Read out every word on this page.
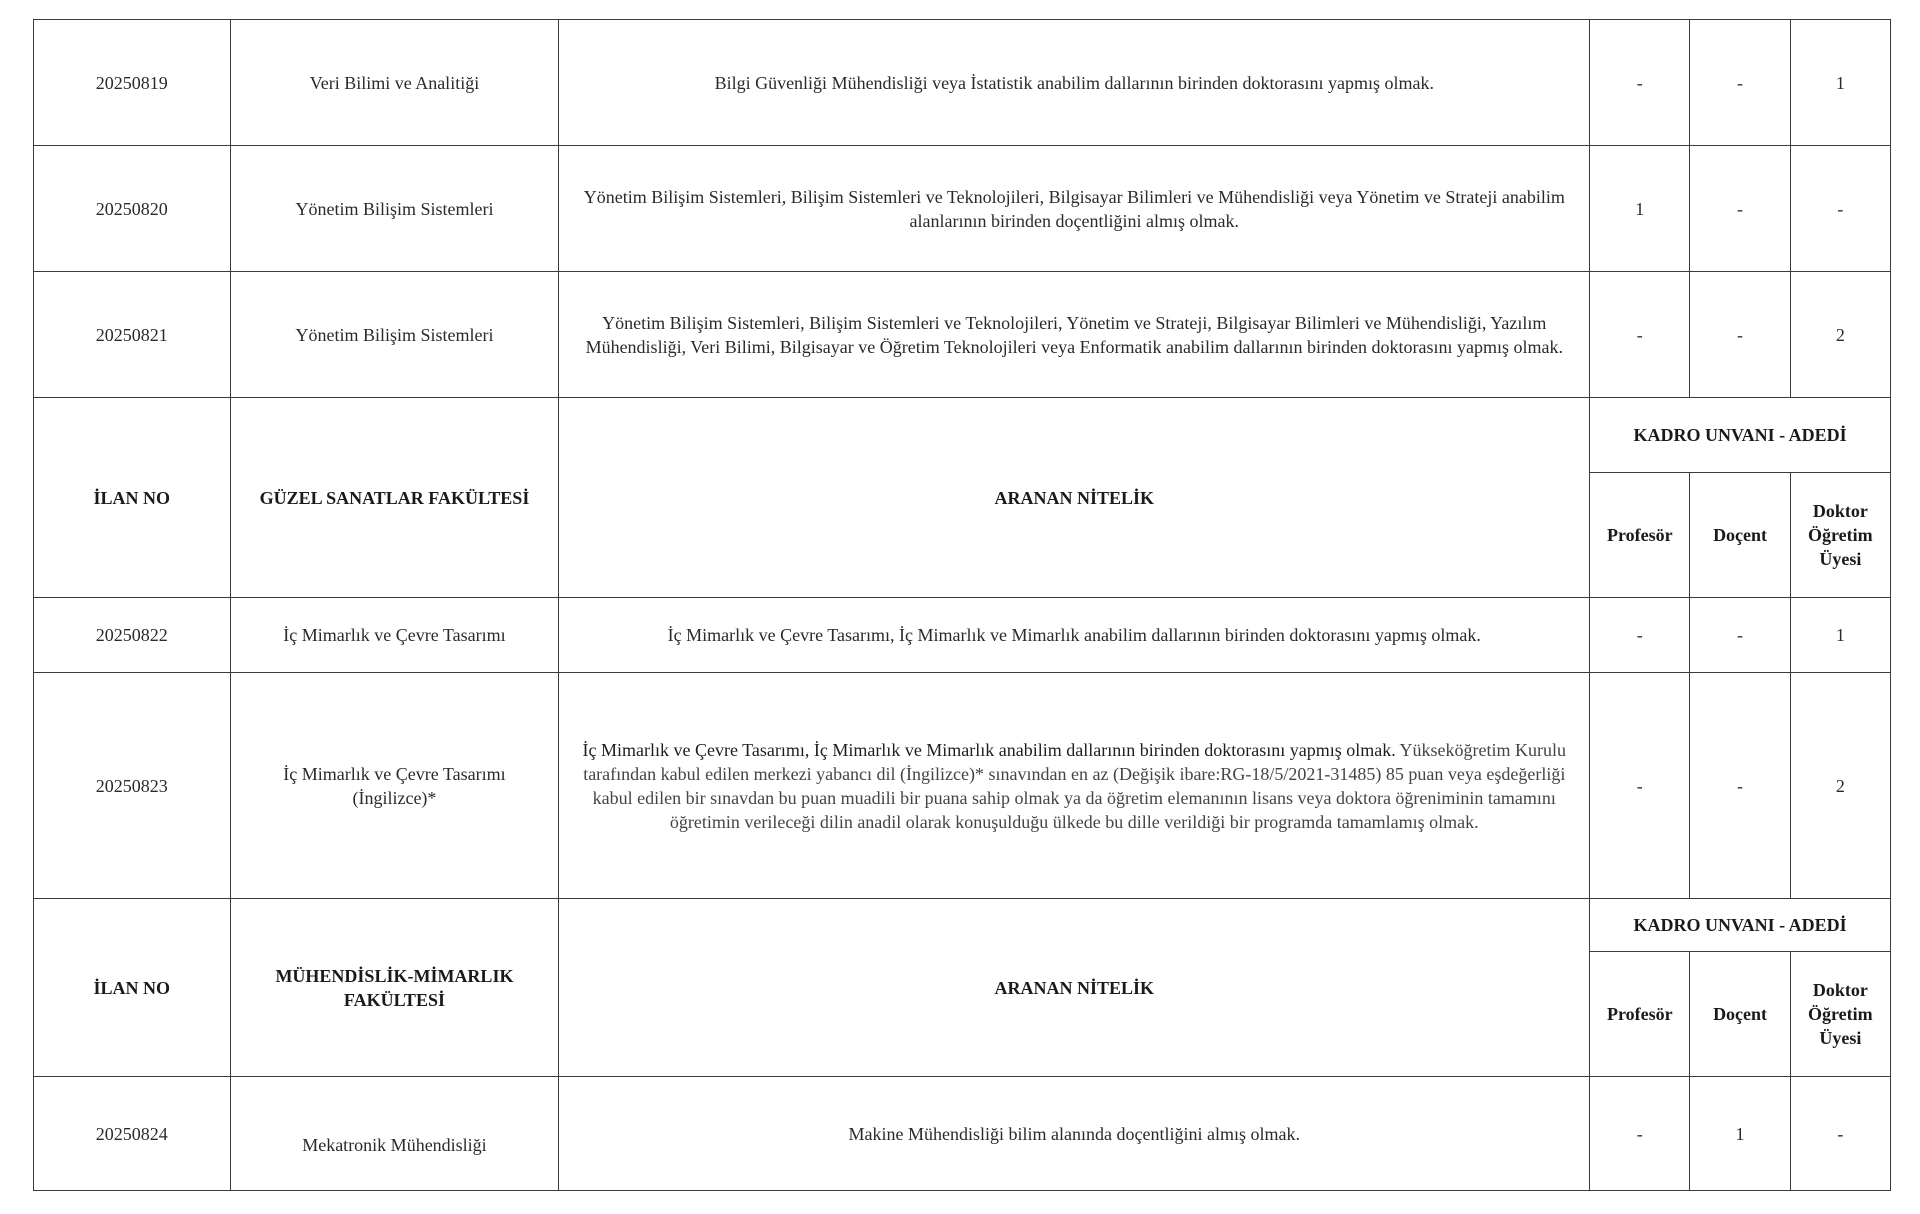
20250819	Veri Bilimi ve Analitiği	Bilgi Güvenliği Mühendisliği veya İstatistik anabilim dallarının birinden doktorasını yapmış olmak.	-	-	1
20250820	Yönetim Bilişim Sistemleri	Yönetim Bilişim Sistemleri, Bilişim Sistemleri ve Teknolojileri, Bilgisayar Bilimleri ve Mühendisliği veya Yönetim ve Strateji anabilim alanlarının birinden doçentliğini almış olmak.	1	-	-
20250821	Yönetim Bilişim Sistemleri	Yönetim Bilişim Sistemleri, Bilişim Sistemleri ve Teknolojileri, Yönetim ve Strateji, Bilgisayar Bilimleri ve Mühendisliği, Yazılım Mühendisliği, Veri Bilimi, Bilgisayar ve Öğretim Teknolojileri veya Enformatik anabilim dallarının birinden doktorasını yapmış olmak.	-	-	2
İLAN NO	GÜZEL SANATLAR FAKÜLTESİ	ARANAN NİTELİK	KADRO UNVANI - ADEDİ		
			Profesör	Doçent	Doktor Öğretim Üyesi
20250822	İç Mimarlık ve Çevre Tasarımı	İç Mimarlık ve Çevre Tasarımı, İç Mimarlık ve Mimarlık anabilim dallarının birinden doktorasını yapmış olmak.	-	-	1
20250823	İç Mimarlık ve Çevre Tasarımı (İngilizce)*	İç Mimarlık ve Çevre Tasarımı, İç Mimarlık ve Mimarlık anabilim dallarının birinden doktorasını yapmış olmak. Yükseköğretim Kurulu tarafından kabul edilen merkezi yabancı dil (İngilizce)* sınavından en az (Değişik ibare:RG-18/5/2021-31485) 85 puan veya eşdeğerliği kabul edilen bir sınavdan bu puan muadili bir puana sahip olmak ya da öğretim elemanının lisans veya doktora öğreniminin tamamını öğretimin verileceği dilin anadil olarak konuşulduğu ülkede bu dille verildiği bir programda tamamlamış olmak.	-	-	2
İLAN NO	MÜHENDİSLİK-MİMARLIK FAKÜLTESİ	ARANAN NİTELİK	KADRO UNVANI - ADEDİ		
			Profesör	Doçent	Doktor Öğretim Üyesi
20250824	Mekatronik Mühendisliği	Makine Mühendisliği bilim alanında doçentliğini almış olmak.	-	1	-
